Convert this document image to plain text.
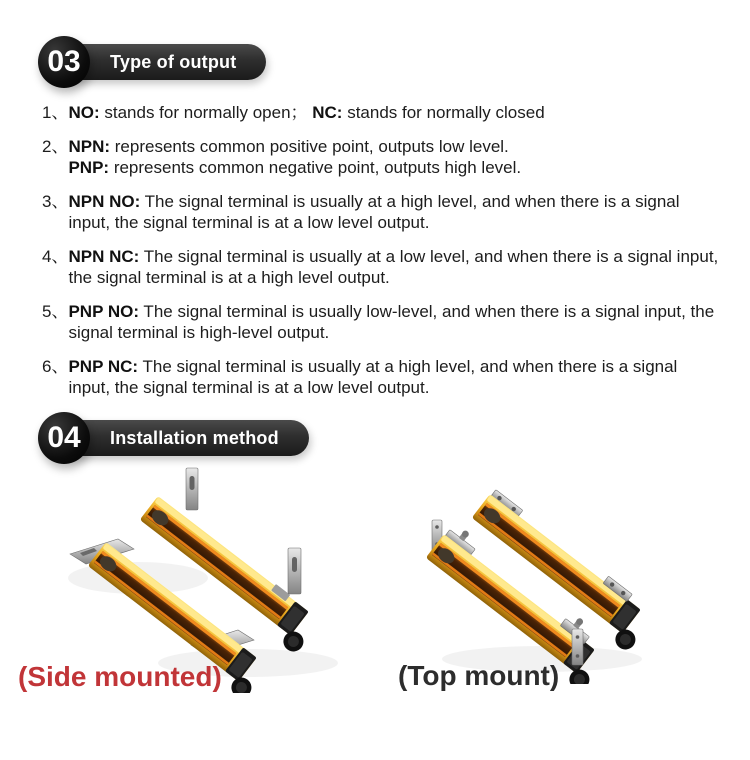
Type of output
03
1、 NO: stands for normally open； NC: stands for normally closed

2、 NPN: represents common positive point, outputs low level.
PNP: represents common negative point, outputs high level.

3、 NPN NO: The signal terminal is usually at a high level, and when there is a signal input, the signal terminal is at a low level output.

4、 NPN NC: The signal terminal is usually at a low level, and when there is a signal input, the signal terminal is at a high level output.

5、 PNP NO: The signal terminal is usually low-level, and when there is a signal input, the signal terminal is high-level output.

6、 PNP NC: The signal terminal is usually at a high level, and when there is a signal input, the signal terminal is at a low level output.

Installation method
04
(Side mounted)	(Top mount)
